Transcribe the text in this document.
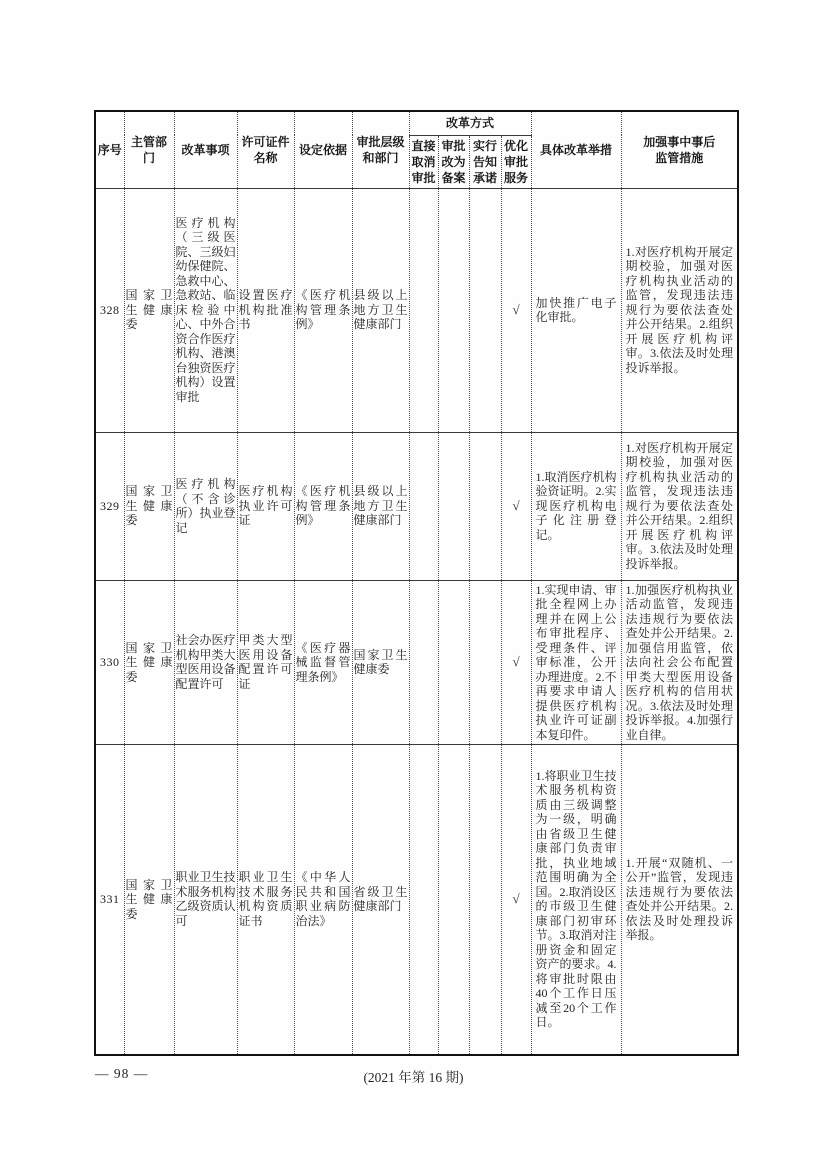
序号	主管部门	改革事项	许可证件名称	设定依据	审批层级和部门	改革方式				具体改革举措	加强事中事后监管措施

						直接取消审批	审批改为备案	实行告知承诺	优化审批服务		
328	国家卫生健康委	医疗机构（三级医院、三级妇幼保健院、急救中心、急救站、临床检验中心、中外合资合作医疗机构、港澳台独资医疗机构）设置审批	设置医疗机构批准书	《医疗机构管理条例》	县级以上地方卫生健康部门				√	加快推广电子化审批。	1.对医疗机构开展定期校验，加强对医疗机构执业活动的监管，发现违法违规行为要依法查处并公开结果。2.组织开展医疗机构评审。3.依法及时处理投诉举报。
329	国家卫生健康委	医疗机构（不含诊所）执业登记	医疗机构执业许可证	《医疗机构管理条例》	县级以上地方卫生健康部门				√	1.取消医疗机构验资证明。2.实现医疗机构电子化注册登记。	1.对医疗机构开展定期校验，加强对医疗机构执业活动的监管，发现违法违规行为要依法查处并公开结果。2.组织开展医疗机构评审。3.依法及时处理投诉举报。
330	国家卫生健康委	社会办医疗机构甲类大型医用设备配置许可	甲类大型医用设备配置许可证	《医疗器械监督管理条例》	国家卫生健康委				√	1.实现申请、审批全程网上办理并在网上公布审批程序、受理条件、评审标准，公开办理进度。2.不再要求申请人提供医疗机构执业许可证副本复印件。	1.加强医疗机构执业活动监管，发现违法违规行为要依法查处并公开结果。2.加强信用监管，依法向社会公布配置甲类大型医用设备医疗机构的信用状况。3.依法及时处理投诉举报。4.加强行业自律。
331	国家卫生健康委	职业卫生技术服务机构乙级资质认可	职业卫生技术服务机构资质证书	《中华人民共和国职业病防治法》	省级卫生健康部门				√	1.将职业卫生技术服务机构资质由三级调整为一级，明确由省级卫生健康部门负责审批，执业地域范围明确为全国。2.取消设区的市级卫生健康部门初审环节。3.取消对注册资金和固定资产的要求。4.将审批时限由40个工作日压减至20个工作日。	1.开展“双随机、一公开”监管，发现违法违规行为要依法查处并公开结果。2.依法及时处理投诉举报。
— 98 —	(2021 年第 16 期)
